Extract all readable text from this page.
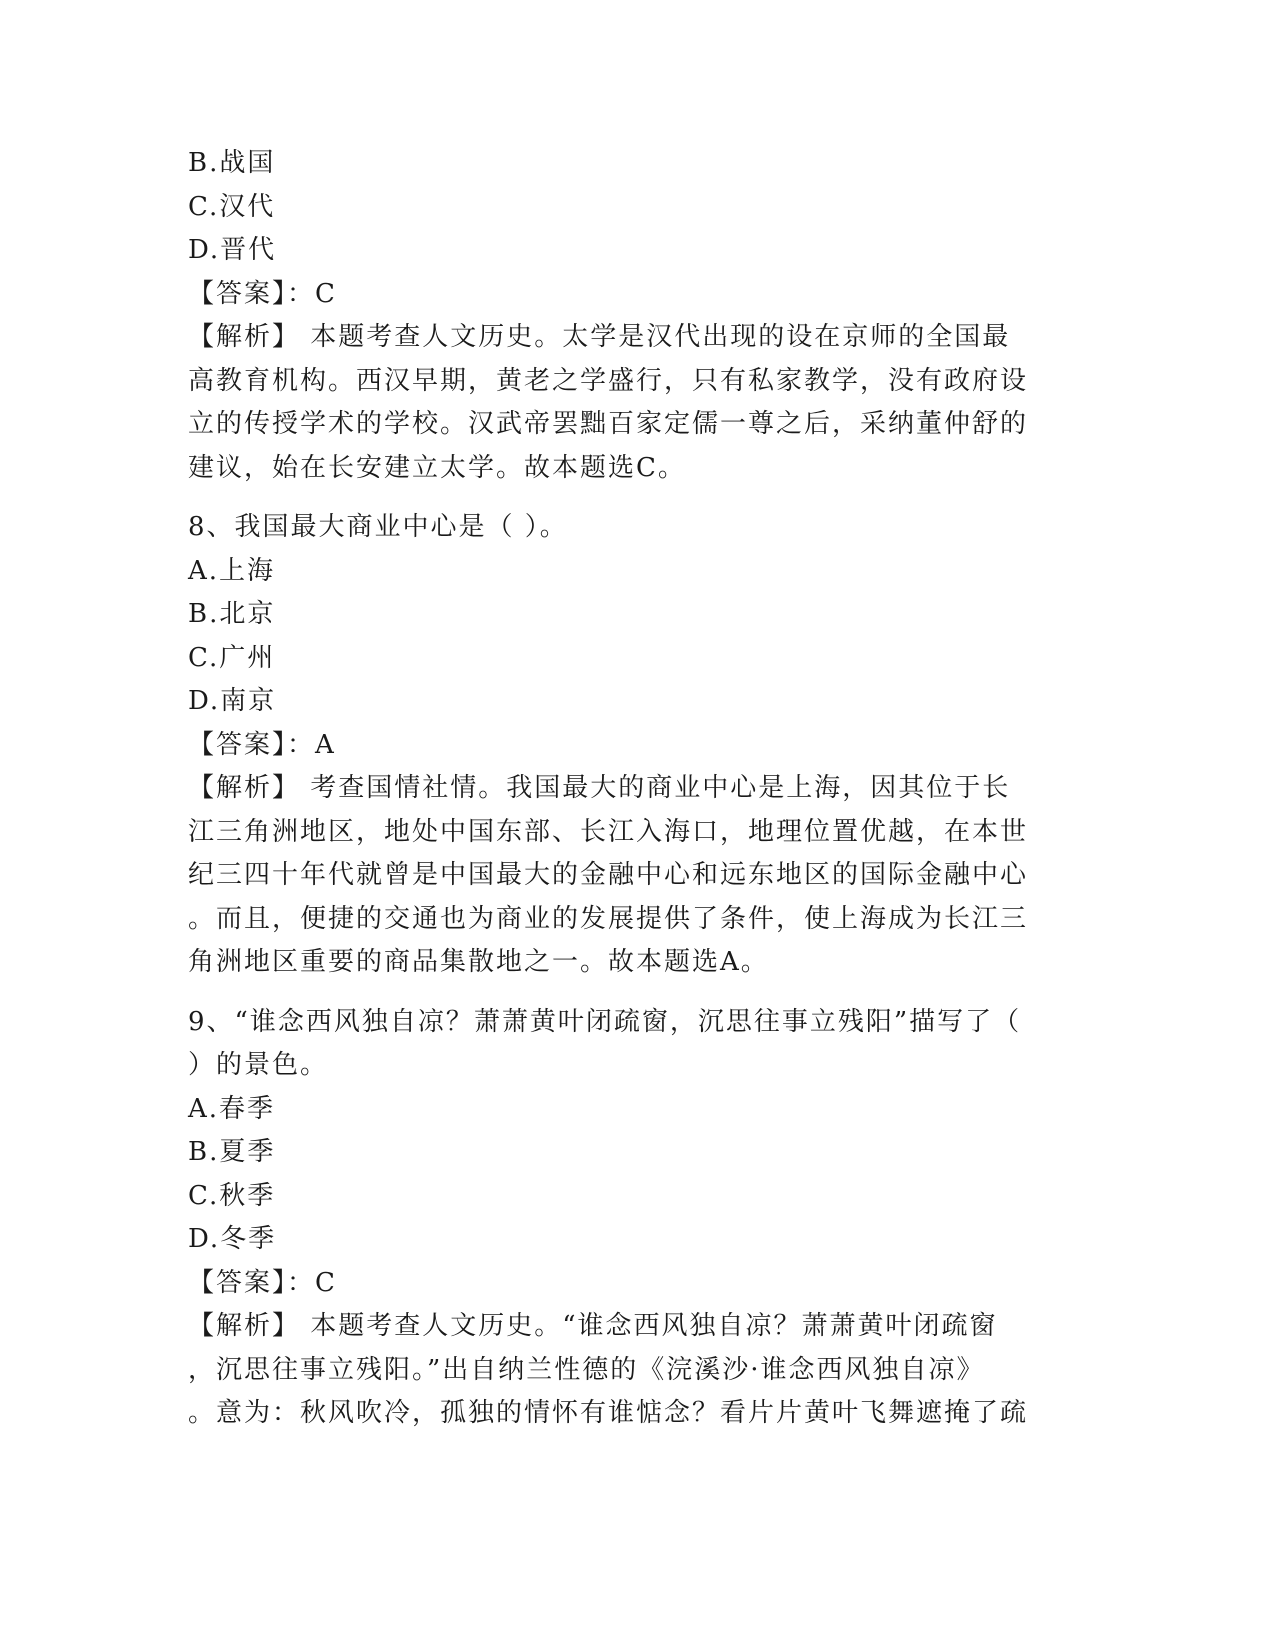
B.战国
C.汉代
D.晋代
【答案】：C
【解析】 本题考查人文历史。太学是汉代出现的设在京师的全国最
高教育机构。西汉早期，黄老之学盛行，只有私家教学，没有政府设
立的传授学术的学校。汉武帝罢黜百家定儒一尊之后，采纳董仲舒的
建议，始在长安建立太学。故本题选C。
8、我国最大商业中心是（ ）。
A.上海
B.北京
C.广州
D.南京
【答案】：A
【解析】 考查国情社情。我国最大的商业中心是上海，因其位于长
江三角洲地区，地处中国东部、长江入海口，地理位置优越，在本世
纪三四十年代就曾是中国最大的金融中心和远东地区的国际金融中心
。而且，便捷的交通也为商业的发展提供了条件，使上海成为长江三
角洲地区重要的商品集散地之一。故本题选A。
9、“谁念西风独自凉？萧萧黄叶闭疏窗，沉思往事立残阳”描写了（
）的景色。
A.春季
B.夏季
C.秋季
D.冬季
【答案】：C
【解析】 本题考查人文历史。“谁念西风独自凉？萧萧黄叶闭疏窗
，沉思往事立残阳。”出自纳兰性德的《浣溪沙·谁念西风独自凉》
。意为：秋风吹冷，孤独的情怀有谁惦念？看片片黄叶飞舞遮掩了疏
